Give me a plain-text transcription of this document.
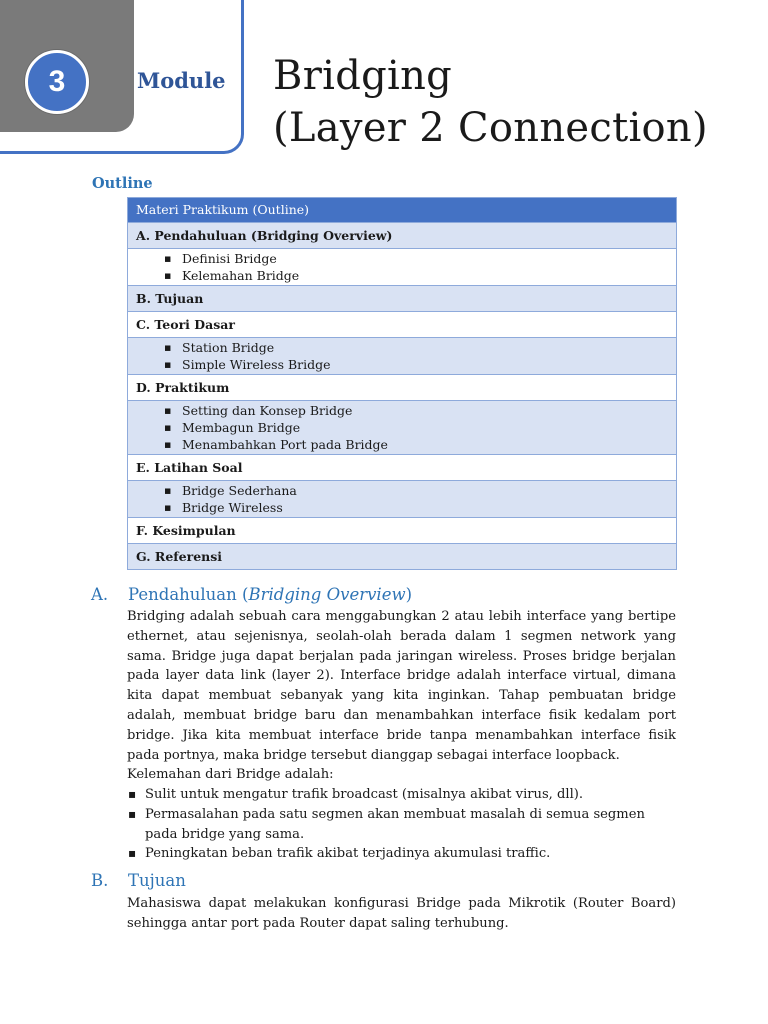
3	Module Bridging
(Layer 2 Connection)
Outline
Materi Praktikum (Outline)
A. Pendahuluan (Bridging Overview)
▪ Definisi Bridge
▪ Kelemahan Bridge
B. Tujuan
C. Teori Dasar
▪ Station Bridge
▪ Simple Wireless Bridge
D. Praktikum
▪ Setting dan Konsep Bridge
▪ Membagun Bridge
▪ Menambahkan Port pada Bridge
E. Latihan Soal
▪ Bridge Sederhana
▪ Bridge Wireless
F. Kesimpulan
G. Referensi
A. Pendahuluan (Bridging Overview)

Bridging adalah sebuah cara menggabungkan 2 atau lebih interface yang bertipe ethernet, atau sejenisnya, seolah-olah berada dalam 1 segmen network yang sama. Bridge juga dapat berjalan pada jaringan wireless. Proses bridge berjalan pada layer data link (layer 2). Interface bridge adalah interface virtual, dimana kita dapat membuat sebanyak yang kita inginkan. Tahap pembuatan bridge adalah, membuat bridge baru dan menambahkan interface fisik kedalam port bridge. Jika kita membuat interface bride tanpa menambahkan interface fisik pada portnya, maka bridge tersebut dianggap sebagai interface loopback.

Kelemahan dari Bridge adalah:

▪ Sulit untuk mengatur trafik broadcast (misalnya akibat virus, dll).
▪ Permasalahan pada satu segmen akan membuat masalah di semua segmen pada bridge yang sama.
▪ Peningkatan beban trafik akibat terjadinya akumulasi traffic.
B. Tujuan

Mahasiswa dapat melakukan konfigurasi Bridge pada Mikrotik (Router Board) sehingga antar port pada Router dapat saling terhubung.
